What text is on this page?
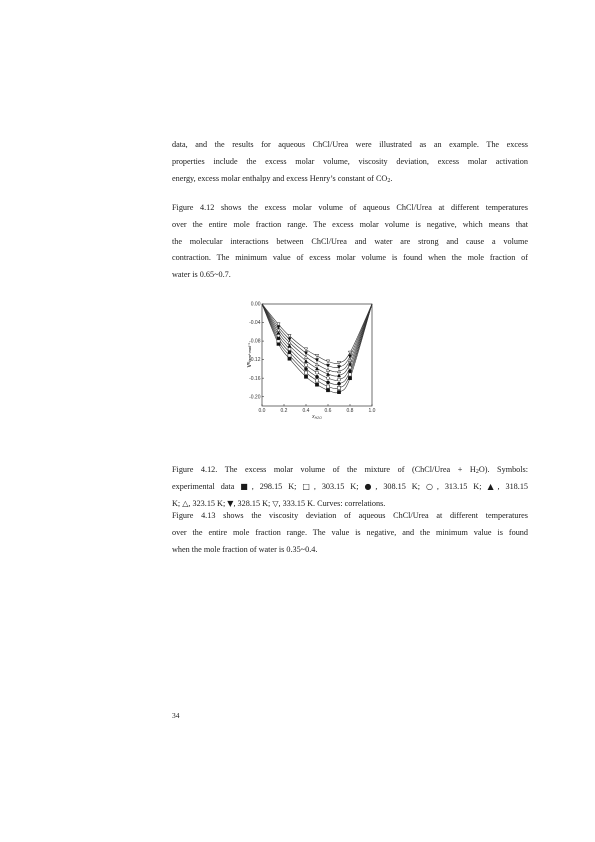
data, and the results for aqueous ChCl/Urea were illustrated as an example. The excess
properties include the excess molar volume, viscosity deviation, excess molar activation
energy, excess molar enthalpy and excess Henry’s constant of $CO_2$.

Figure 4.12 shows the excess molar volume of aqueous ChCl/Urea at different temperatures
over the entire mole fraction range. The excess molar volume is negative, which means that
the molecular interactions between ChCl/Urea and water are strong and cause a volume
contraction. The minimum value of excess molar volume is found when the mole fraction of
water is 0.65~0.7.

0.0	0.2	0.4	0.6	0.8	1.0
0.00
-0.04
-0.08
-0.12
-0.16
-0.20
$x_{H2O}$
$V^E_{/cm^3\cdot mol^{-1}}$

Figure 4.12. The excess molar volume of the mixture of (ChCl/Urea + $H_2O$). Symbols:
experimental data ■, 298.15 K; □, 303.15 K; ●, 308.15 K; ○, 313.15 K; ▲, 318.15
K; △, 323.15 K; ▼, 328.15 K; ▽, 333.15 K. Curves: correlations.

Figure 4.13 shows the viscosity deviation of aqueous ChCl/Urea at different temperatures
over the entire mole fraction range. The value is negative, and the minimum value is found
when the mole fraction of water is 0.35~0.4.

34
